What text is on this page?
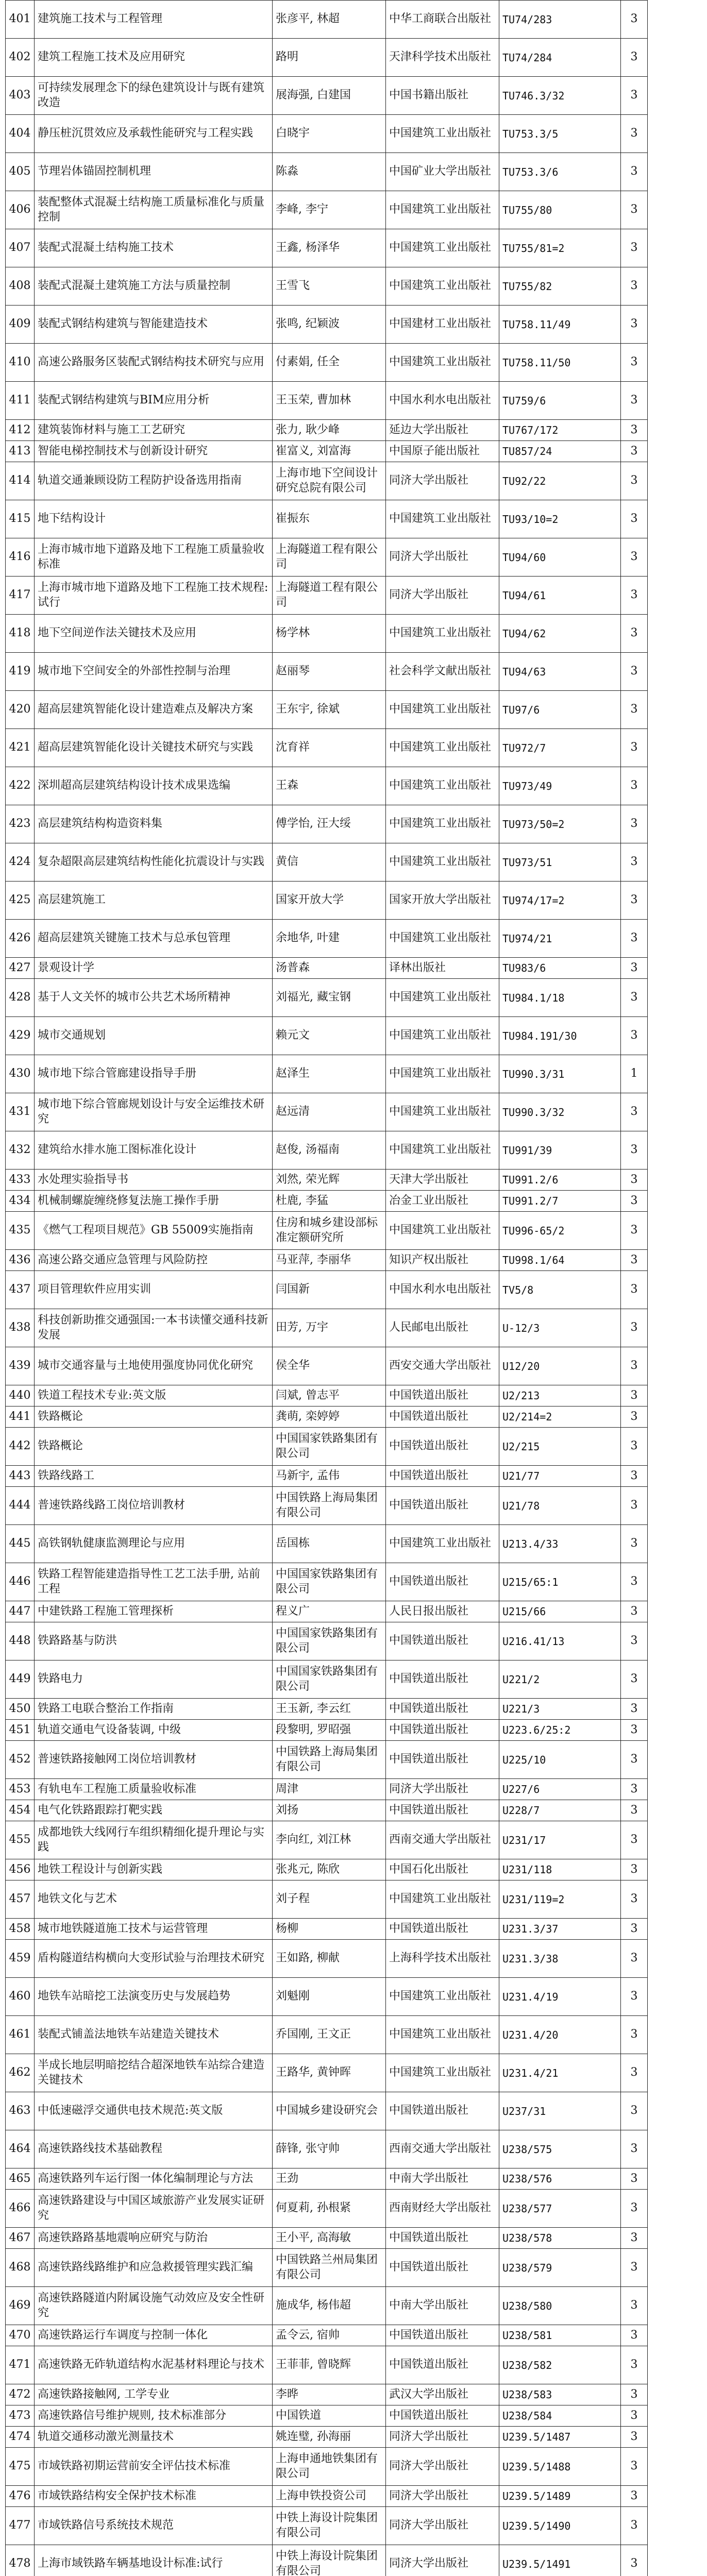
401	建筑施工技术与工程管理	张彦平, 林超	中华工商联合出版社	TU74/283	3
402	建筑工程施工技术及应用研究	路明	天津科学技术出版社	TU74/284	3
403	可持续发展理念下的绿色建筑设计与既有建筑改造	展海强, 白建国	中国书籍出版社	TU746.3/32	3
404	静压桩沉贯效应及承载性能研究与工程实践	白晓宇	中国建筑工业出版社	TU753.3/5	3
405	节理岩体锚固控制机理	陈淼	中国矿业大学出版社	TU753.3/6	3
406	装配整体式混凝土结构施工质量标准化与质量控制	李峰, 李宁	中国建筑工业出版社	TU755/80	3
407	装配式混凝土结构施工技术	王鑫, 杨泽华	中国建筑工业出版社	TU755/81=2	3
408	装配式混凝土建筑施工方法与质量控制	王雪飞	中国建筑工业出版社	TU755/82	3
409	装配式钢结构建筑与智能建造技术	张鸣, 纪颖波	中国建材工业出版社	TU758.11/49	3
410	高速公路服务区装配式钢结构技术研究与应用	付素娟, 任全	中国建筑工业出版社	TU758.11/50	3
411	装配式钢结构建筑与BIM应用分析	王玉荣, 曹加林	中国水利水电出版社	TU759/6	3
412	建筑装饰材料与施工工艺研究	张力, 耿少峰	延边大学出版社	TU767/172	3
413	智能电梯控制技术与创新设计研究	崔富义, 刘富海	中国原子能出版社	TU857/24	3
414	轨道交通兼顾设防工程防护设备选用指南	上海市地下空间设计研究总院有限公司	同济大学出版社	TU92/22	3
415	地下结构设计	崔振东	中国建筑工业出版社	TU93/10=2	3
416	上海市城市地下道路及地下工程施工质量验收标准	上海隧道工程有限公司	同济大学出版社	TU94/60	3
417	上海市城市地下道路及地下工程施工技术规程:试行	上海隧道工程有限公司	同济大学出版社	TU94/61	3
418	地下空间逆作法关键技术及应用	杨学林	中国建筑工业出版社	TU94/62	3
419	城市地下空间安全的外部性控制与治理	赵丽琴	社会科学文献出版社	TU94/63	3
420	超高层建筑智能化设计建造难点及解决方案	王东宇, 徐斌	中国建筑工业出版社	TU97/6	3
421	超高层建筑智能化设计关键技术研究与实践	沈育祥	中国建筑工业出版社	TU972/7	3
422	深圳超高层建筑结构设计技术成果选编	王森	中国建筑工业出版社	TU973/49	3
423	高层建筑结构构造资料集	傅学怡, 汪大绥	中国建筑工业出版社	TU973/50=2	3
424	复杂超限高层建筑结构性能化抗震设计与实践	黄信	中国建筑工业出版社	TU973/51	3
425	高层建筑施工	国家开放大学	国家开放大学出版社	TU974/17=2	3
426	超高层建筑关键施工技术与总承包管理	余地华, 叶建	中国建筑工业出版社	TU974/21	3
427	景观设计学	汤普森	译林出版社	TU983/6	3
428	基于人文关怀的城市公共艺术场所精神	刘福光, 藏宝钢	中国建筑工业出版社	TU984.1/18	3
429	城市交通规划	赖元文	中国建筑工业出版社	TU984.191/30	3
430	城市地下综合管廊建设指导手册	赵泽生	中国建筑工业出版社	TU990.3/31	1
431	城市地下综合管廊规划设计与安全运维技术研究	赵远清	中国建筑工业出版社	TU990.3/32	3
432	建筑给水排水施工图标准化设计	赵俊, 汤福南	中国建筑工业出版社	TU991/39	3
433	水处理实验指导书	刘然, 荣光辉	天津大学出版社	TU991.2/6	3
434	机械制螺旋缠绕修复法施工操作手册	杜鹿, 李猛	冶金工业出版社	TU991.2/7	3
435	《燃气工程项目规范》GB 55009实施指南	住房和城乡建设部标准定额研究所	中国建筑工业出版社	TU996-65/2	3
436	高速公路交通应急管理与风险防控	马亚萍, 李丽华	知识产权出版社	TU998.1/64	3
437	项目管理软件应用实训	闫国新	中国水利水电出版社	TV5/8	3
438	科技创新助推交通强国:一本书读懂交通科技新发展	田芳, 万宇	人民邮电出版社	U-12/3	3
439	城市交通容量与土地使用强度协同优化研究	侯全华	西安交通大学出版社	U12/20	3
440	铁道工程技术专业:英文版	闫斌, 曾志平	中国铁道出版社	U2/213	3
441	铁路概论	龚萌, 栾婷婷	中国铁道出版社	U2/214=2	3
442	铁路概论	中国国家铁路集团有限公司	中国铁道出版社	U2/215	3
443	铁路线路工	马新宇, 孟伟	中国铁道出版社	U21/77	3
444	普速铁路线路工岗位培训教材	中国铁路上海局集团有限公司	中国铁道出版社	U21/78	3
445	高铁钢轨健康监测理论与应用	岳国栋	中国建筑工业出版社	U213.4/33	3
446	铁路工程智能建造指导性工艺工法手册, 站前工程	中国国家铁路集团有限公司	中国铁道出版社	U215/65:1	3
447	中建铁路工程施工管理探析	程义广	人民日报出版社	U215/66	3
448	铁路路基与防洪	中国国家铁路集团有限公司	中国铁道出版社	U216.41/13	3
449	铁路电力	中国国家铁路集团有限公司	中国铁道出版社	U221/2	3
450	铁路工电联合整治工作指南	王玉新, 李云红	中国铁道出版社	U221/3	3
451	轨道交通电气设备装调, 中级	段黎明, 罗昭强	中国铁道出版社	U223.6/25:2	3
452	普速铁路接触网工岗位培训教材	中国铁路上海局集团有限公司	中国铁道出版社	U225/10	3
453	有轨电车工程施工质量验收标准	周津	同济大学出版社	U227/6	3
454	电气化铁路跟踪打靶实践	刘扬	中国铁道出版社	U228/7	3
455	成都地铁大线网行车组织精细化提升理论与实践	李向红, 刘江林	西南交通大学出版社	U231/17	3
456	地铁工程设计与创新实践	张兆元, 陈欣	中国石化出版社	U231/118	3
457	地铁文化与艺术	刘子程	中国建筑工业出版社	U231/119=2	3
458	城市地铁隧道施工技术与运营管理	杨柳	中国铁道出版社	U231.3/37	3
459	盾构隧道结构横向大变形试验与治理技术研究	王如路, 柳献	上海科学技术出版社	U231.3/38	3
460	地铁车站暗挖工法演变历史与发展趋势	刘魁刚	中国建筑工业出版社	U231.4/19	3
461	装配式铺盖法地铁车站建造关键技术	乔国刚, 王文正	中国建筑工业出版社	U231.4/20	3
462	半成长地层明暗挖结合超深地铁车站综合建造关键技术	王路华, 黄钟晖	中国建筑工业出版社	U231.4/21	3
463	中低速磁浮交通供电技术规范:英文版	中国城乡建设研究会	中国铁道出版社	U237/31	3
464	高速铁路线技术基础教程	薛锋, 张守帅	西南交通大学出版社	U238/575	3
465	高速铁路列车运行图一体化编制理论与方法	王劲	中南大学出版社	U238/576	3
466	高速铁路建设与中国区域旅游产业发展实证研究	何夏莉, 孙根紧	西南财经大学出版社	U238/577	3
467	高速铁路路基地震响应研究与防治	王小平, 高海敏	中国铁道出版社	U238/578	3
468	高速铁路线路维护和应急救援管理实践汇编	中国铁路兰州局集团有限公司	中国铁道出版社	U238/579	3
469	高速铁路隧道内附属设施气动效应及安全性研究	施成华, 杨伟超	中南大学出版社	U238/580	3
470	高速铁路运行车调度与控制一体化	孟令云, 宿帅	中国铁道出版社	U238/581	3
471	高速铁路无砟轨道结构水泥基材料理论与技术	王菲菲, 曾晓辉	中国铁道出版社	U238/582	3
472	高速铁路接触网, 工学专业	李晔	武汉大学出版社	U238/583	3
473	高速铁路信号维护规则, 技术标准部分	中国铁道	中国铁道出版社	U238/584	3
474	轨道交通移动激光测量技术	姚连璧, 孙海丽	同济大学出版社	U239.5/1487	3
475	市域铁路初期运营前安全评估技术标准	上海申通地铁集团有限公司	同济大学出版社	U239.5/1488	3
476	市域铁路结构安全保护技术标准	上海申铁投资公司	同济大学出版社	U239.5/1489	3
477	市域铁路信号系统技术规范	中铁上海设计院集团有限公司	同济大学出版社	U239.5/1490	3
478	上海市域铁路车辆基地设计标准:试行	中铁上海设计院集团有限公司	同济大学出版社	U239.5/1491	3
